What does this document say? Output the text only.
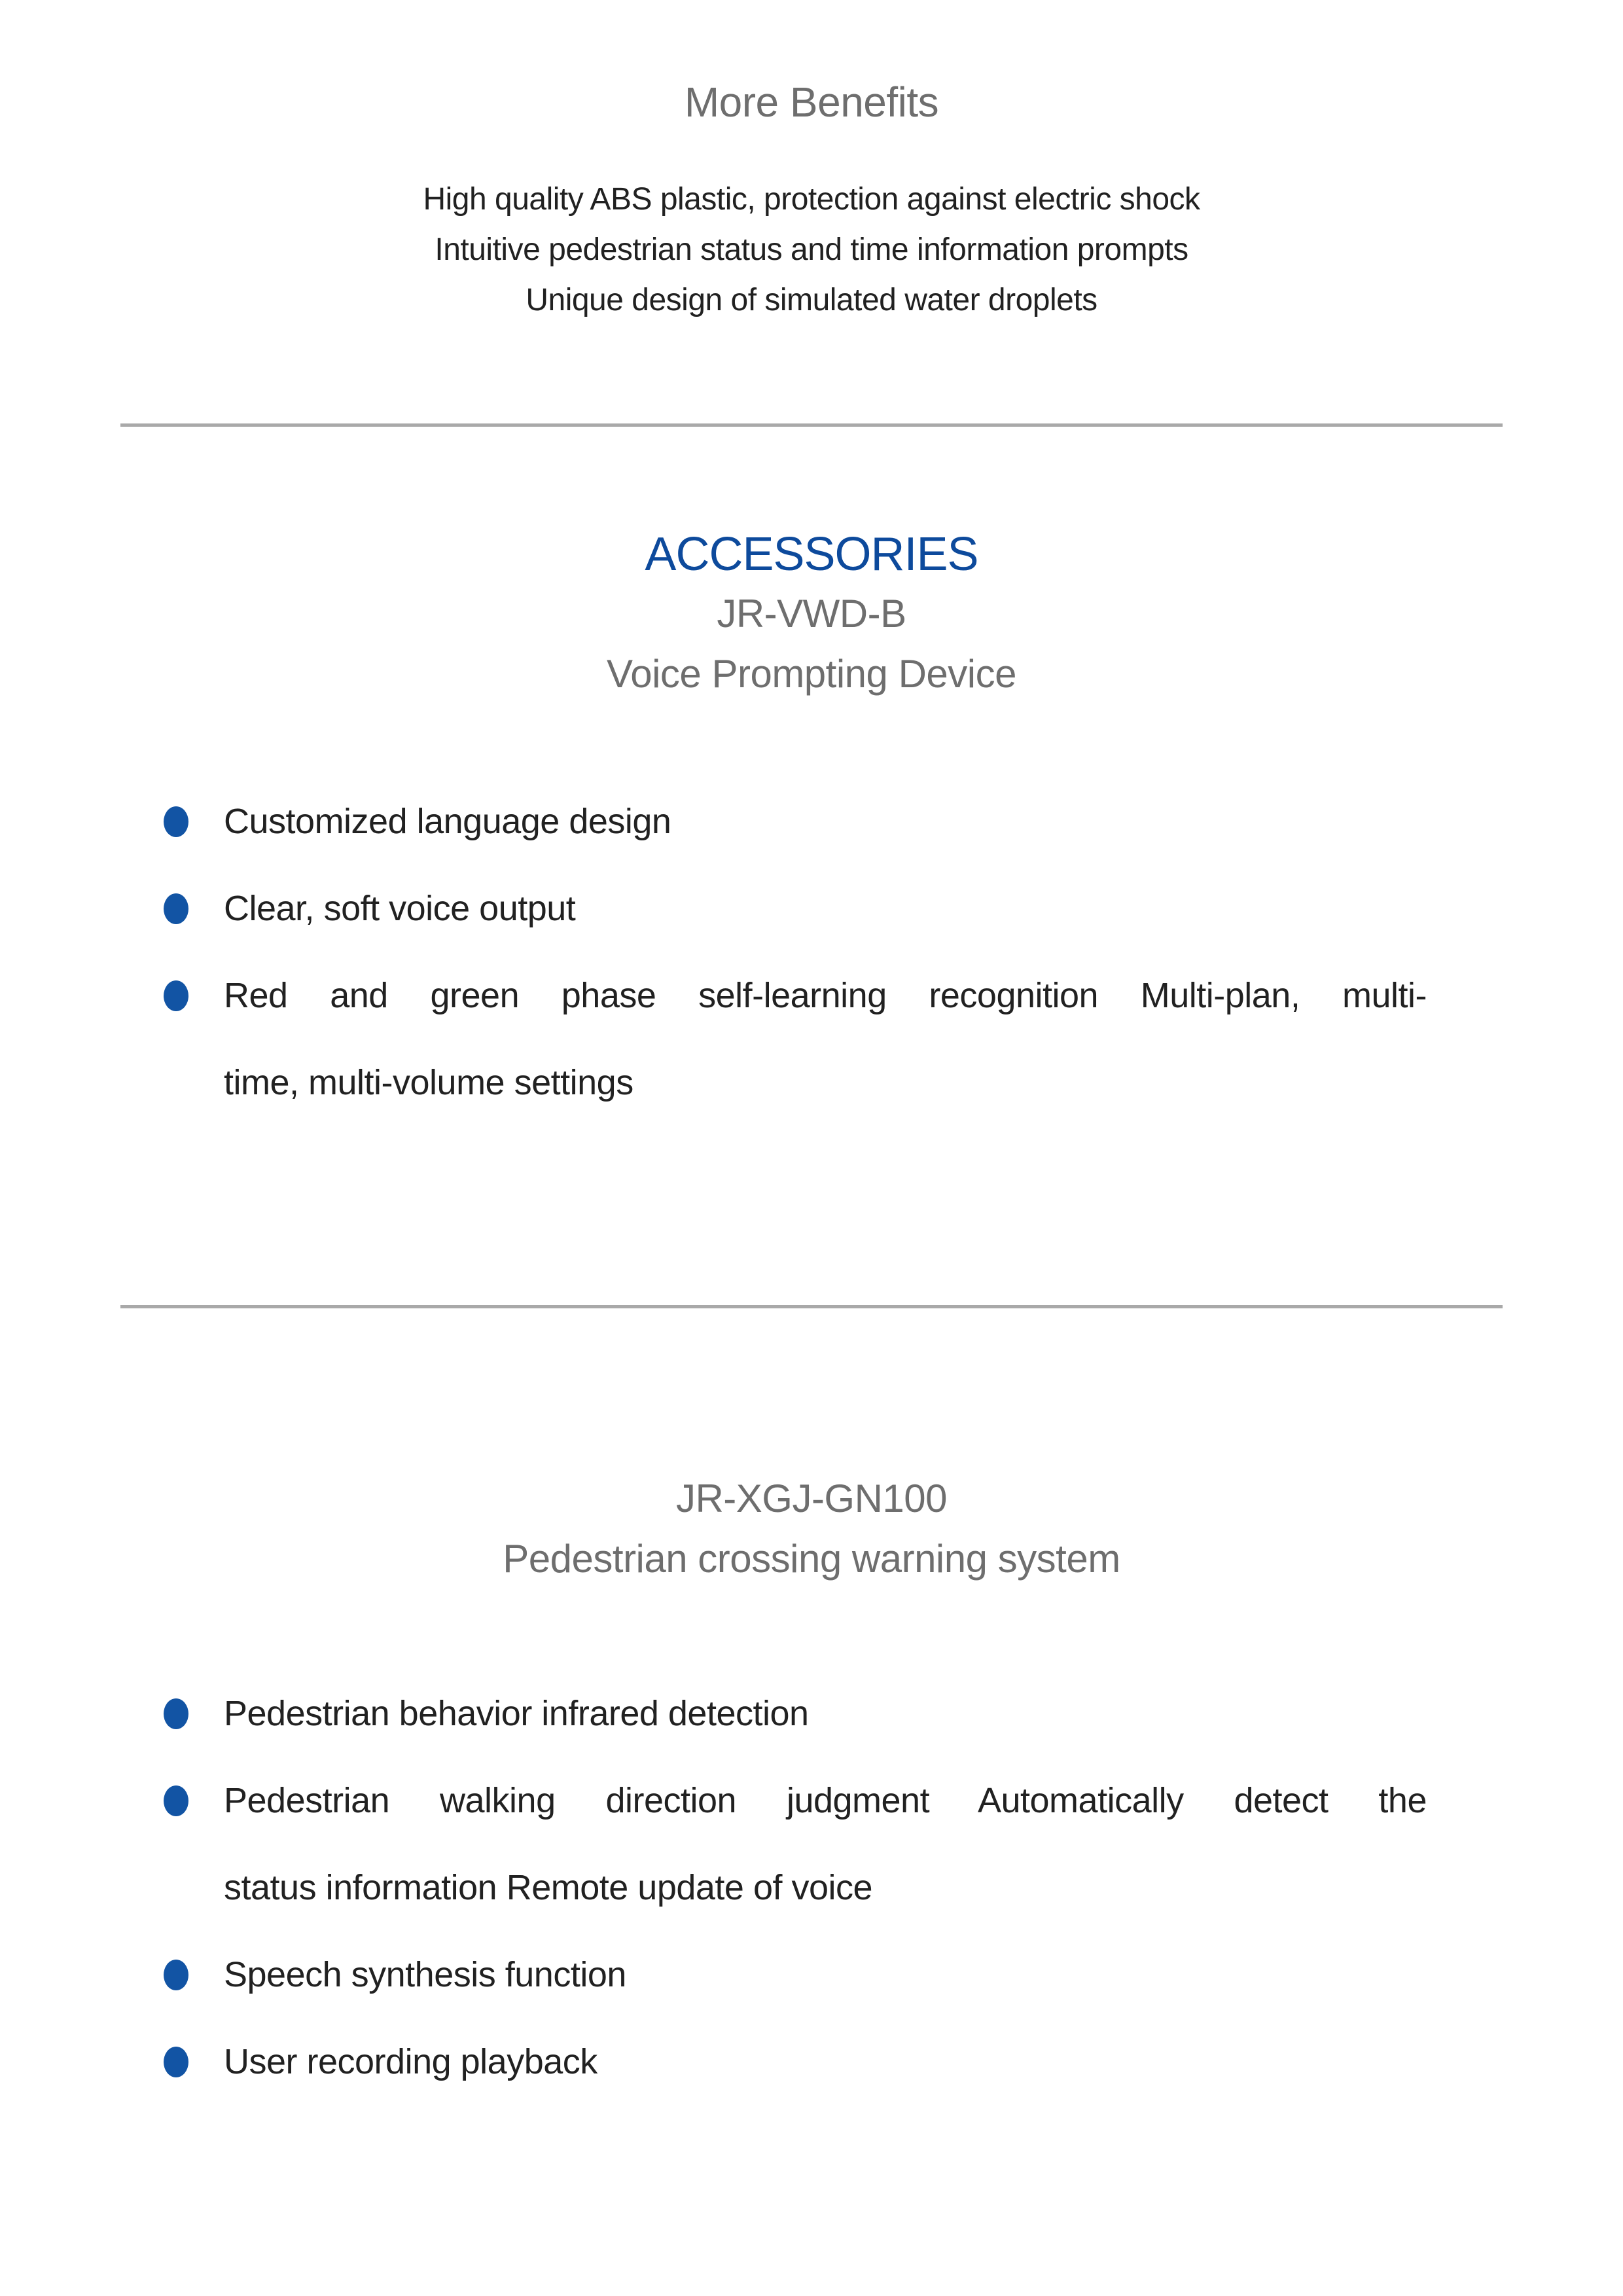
More Benefits
High quality ABS plastic, protection against electric shock
Intuitive pedestrian status and time information prompts
Unique design of simulated water droplets
ACCESSORIES
JR-VWD-B
Voice Prompting Device
Customized language design
Clear, soft voice output
Red and green phase self-learning recognition Multi-plan, multi-
time, multi-volume settings
JR-XGJ-GN100
Pedestrian crossing warning system
Pedestrian behavior infrared detection
Pedestrian walking direction judgment Automatically detect the
status information Remote update of voice
Speech synthesis function
User recording playback
